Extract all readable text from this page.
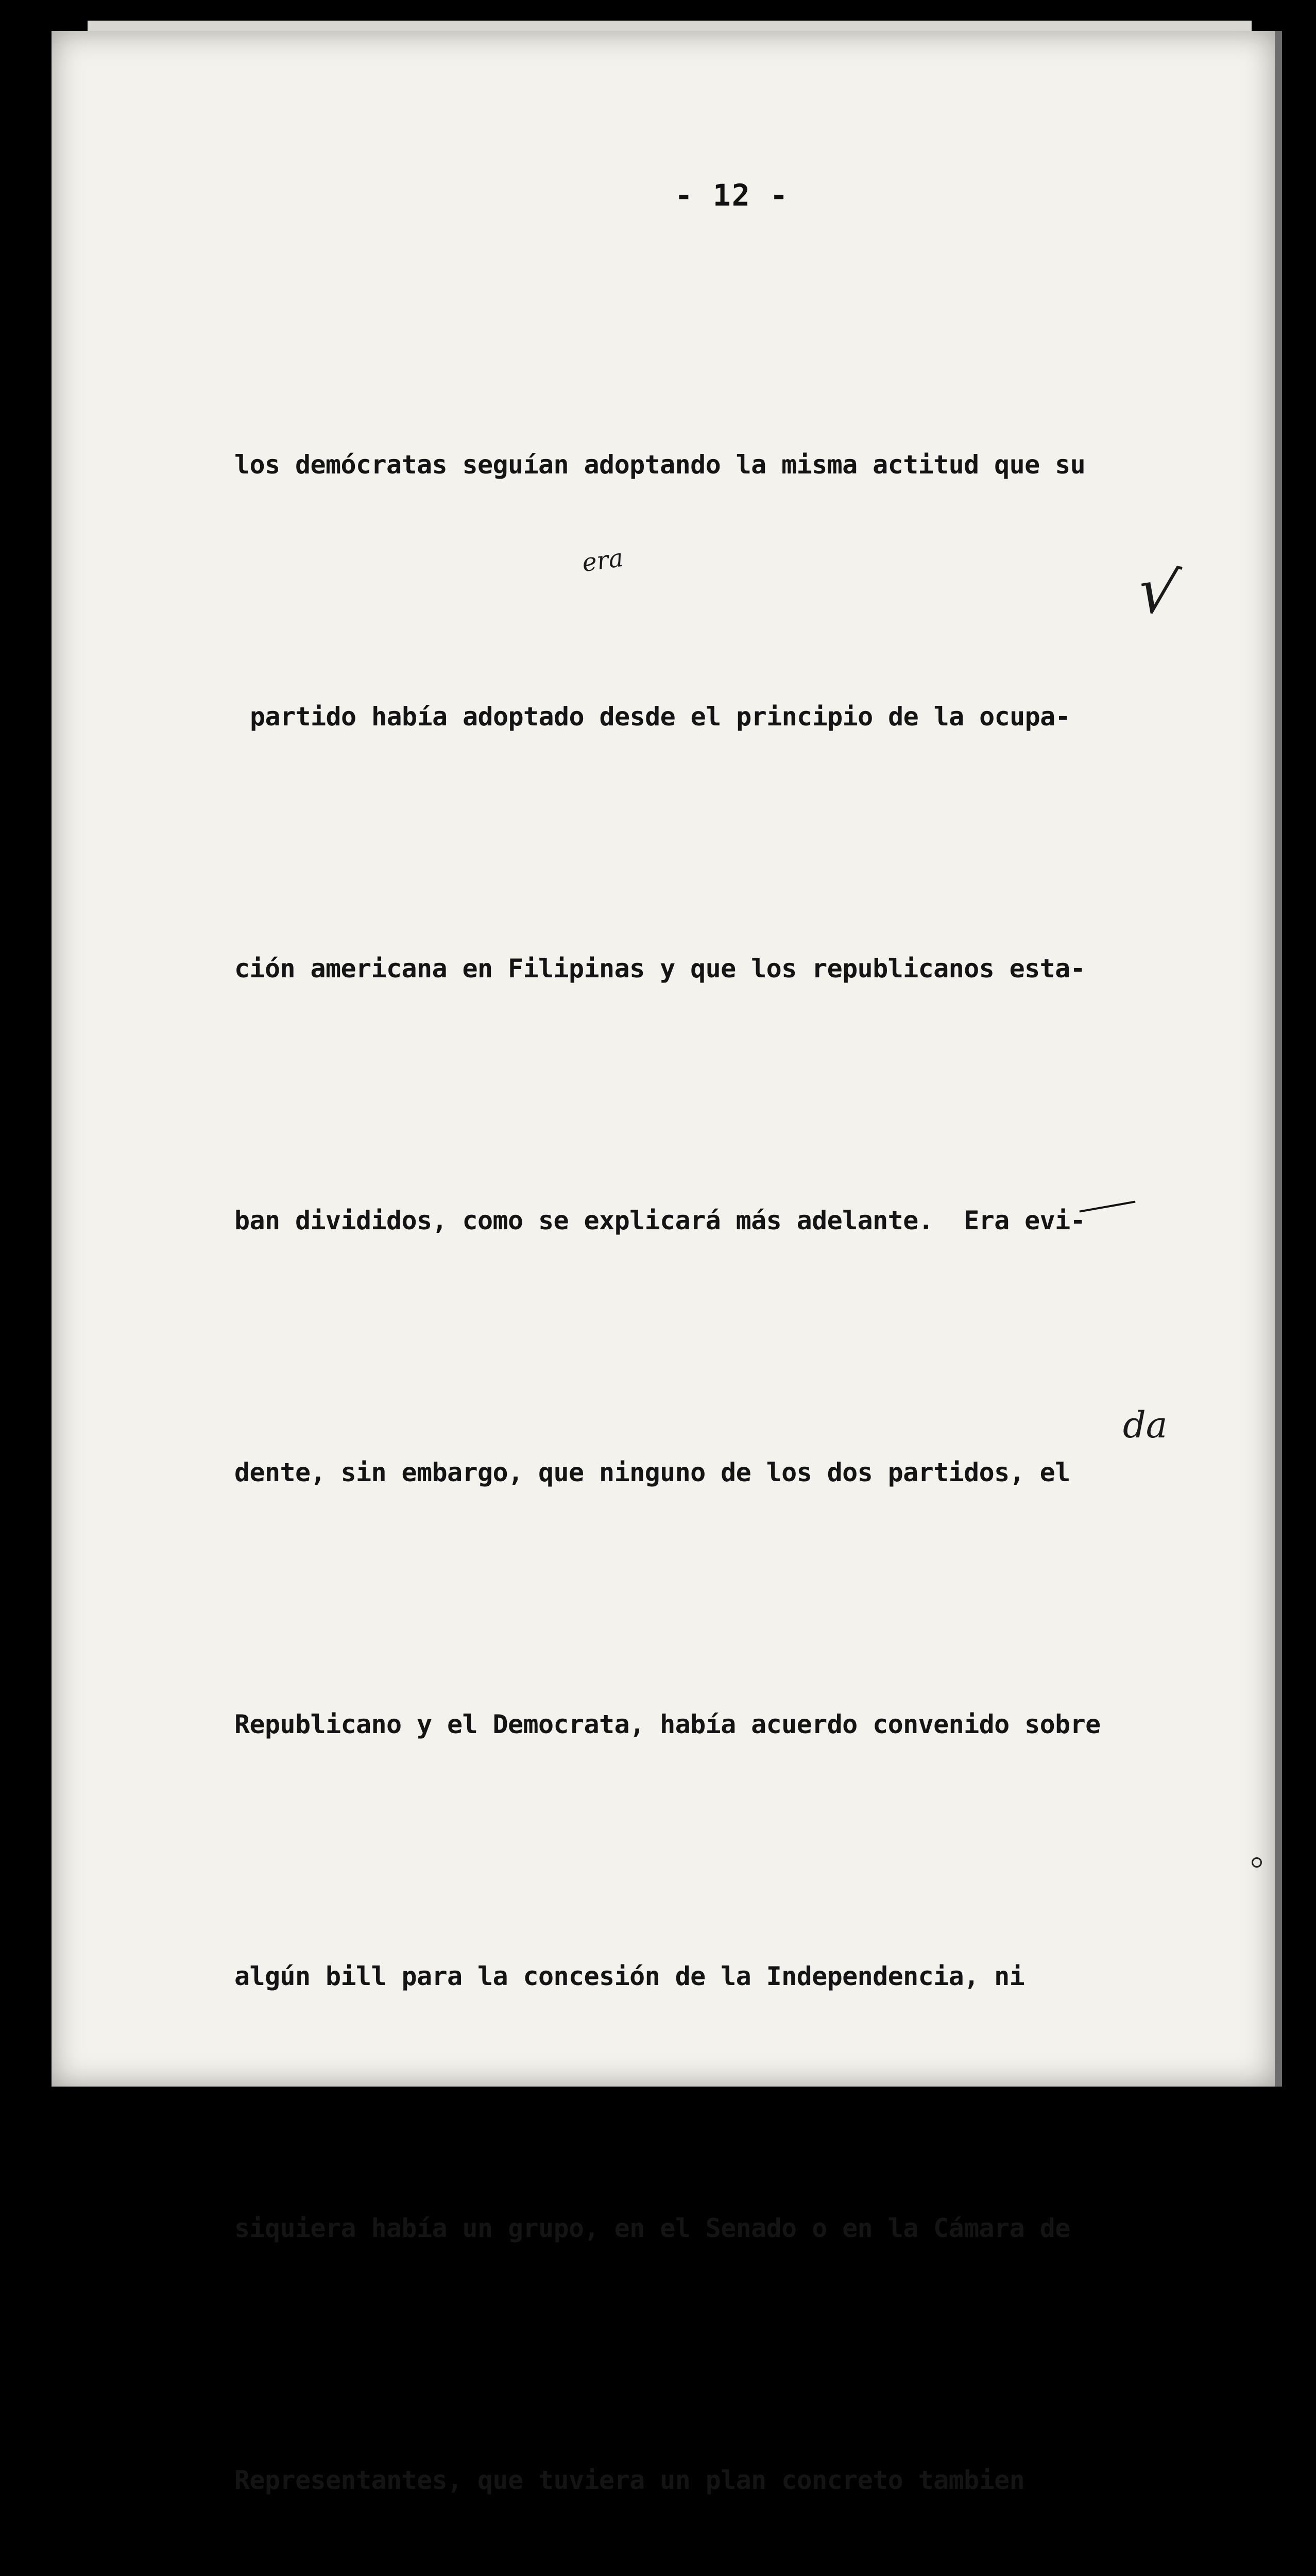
- 12 -

los demócratas seguían adoptando la misma actitud que su

partido había adoptado desde el principio de la ocupa-

ción americana en Filipinas y que los republicanos esta-

ban divididos, como se explicará más adelante.  Era evi-

dente, sin embargo, que ninguno de los dos partidos, el

Republicano y el Democrata, había acuerdo convenido sobre

algún bill para la concesión de la Independencia, ni

siquiera había un grupo, en el Senado o en la Cámara de

Representantes, que tuviera un plan concreto tambien

era	√
da
